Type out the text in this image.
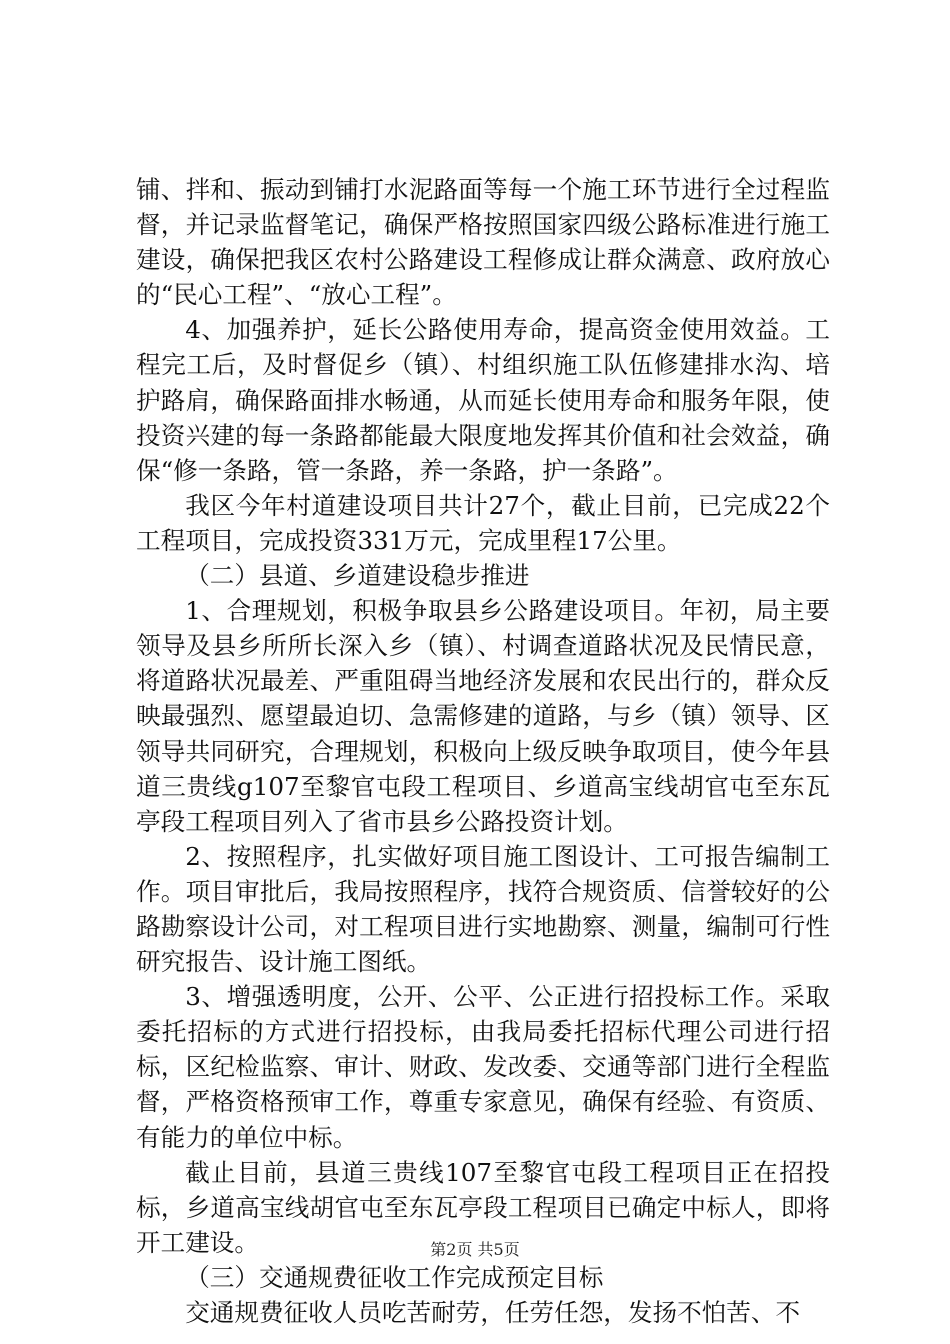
铺、拌和、振动到铺打水泥路面等每一个施工环节进行全过程监督，并记录监督笔记，确保严格按照国家四级公路标准进行施工建设，确保把我区农村公路建设工程修成让群众满意、政府放心的“民心工程”、“放心工程”。

4、加强养护，延长公路使用寿命，提高资金使用效益。工程完工后，及时督促乡（镇）、村组织施工队伍修建排水沟、培护路肩，确保路面排水畅通，从而延长使用寿命和服务年限，使投资兴建的每一条路都能最大限度地发挥其价值和社会效益，确保“修一条路，管一条路，养一条路，护一条路”。

我区今年村道建设项目共计27个，截止目前，已完成22个工程项目，完成投资331万元，完成里程17公里。

（二）县道、乡道建设稳步推进

1、合理规划，积极争取县乡公路建设项目。年初，局主要领导及县乡所所长深入乡（镇）、村调查道路状况及民情民意，将道路状况最差、严重阻碍当地经济发展和农民出行的，群众反映最强烈、愿望最迫切、急需修建的道路，与乡（镇）领导、区领导共同研究，合理规划，积极向上级反映争取项目，使今年县道三贵线g107至黎官屯段工程项目、乡道高宝线胡官屯至东瓦亭段工程项目列入了省市县乡公路投资计划。

2、按照程序，扎实做好项目施工图设计、工可报告编制工作。项目审批后，我局按照程序，找符合规资质、信誉较好的公路勘察设计公司，对工程项目进行实地勘察、测量，编制可行性研究报告、设计施工图纸。

3、增强透明度，公开、公平、公正进行招投标工作。采取委托招标的方式进行招投标，由我局委托招标代理公司进行招标，区纪检监察、审计、财政、发改委、交通等部门进行全程监督，严格资格预审工作，尊重专家意见，确保有经验、有资质、有能力的单位中标。

截止目前，县道三贵线107至黎官屯段工程项目正在招投标，乡道高宝线胡官屯至东瓦亭段工程项目已确定中标人，即将开工建设。

（三）交通规费征收工作完成预定目标

交通规费征收人员吃苦耐劳，任劳任怨，发扬不怕苦、不

第2页 共5页
